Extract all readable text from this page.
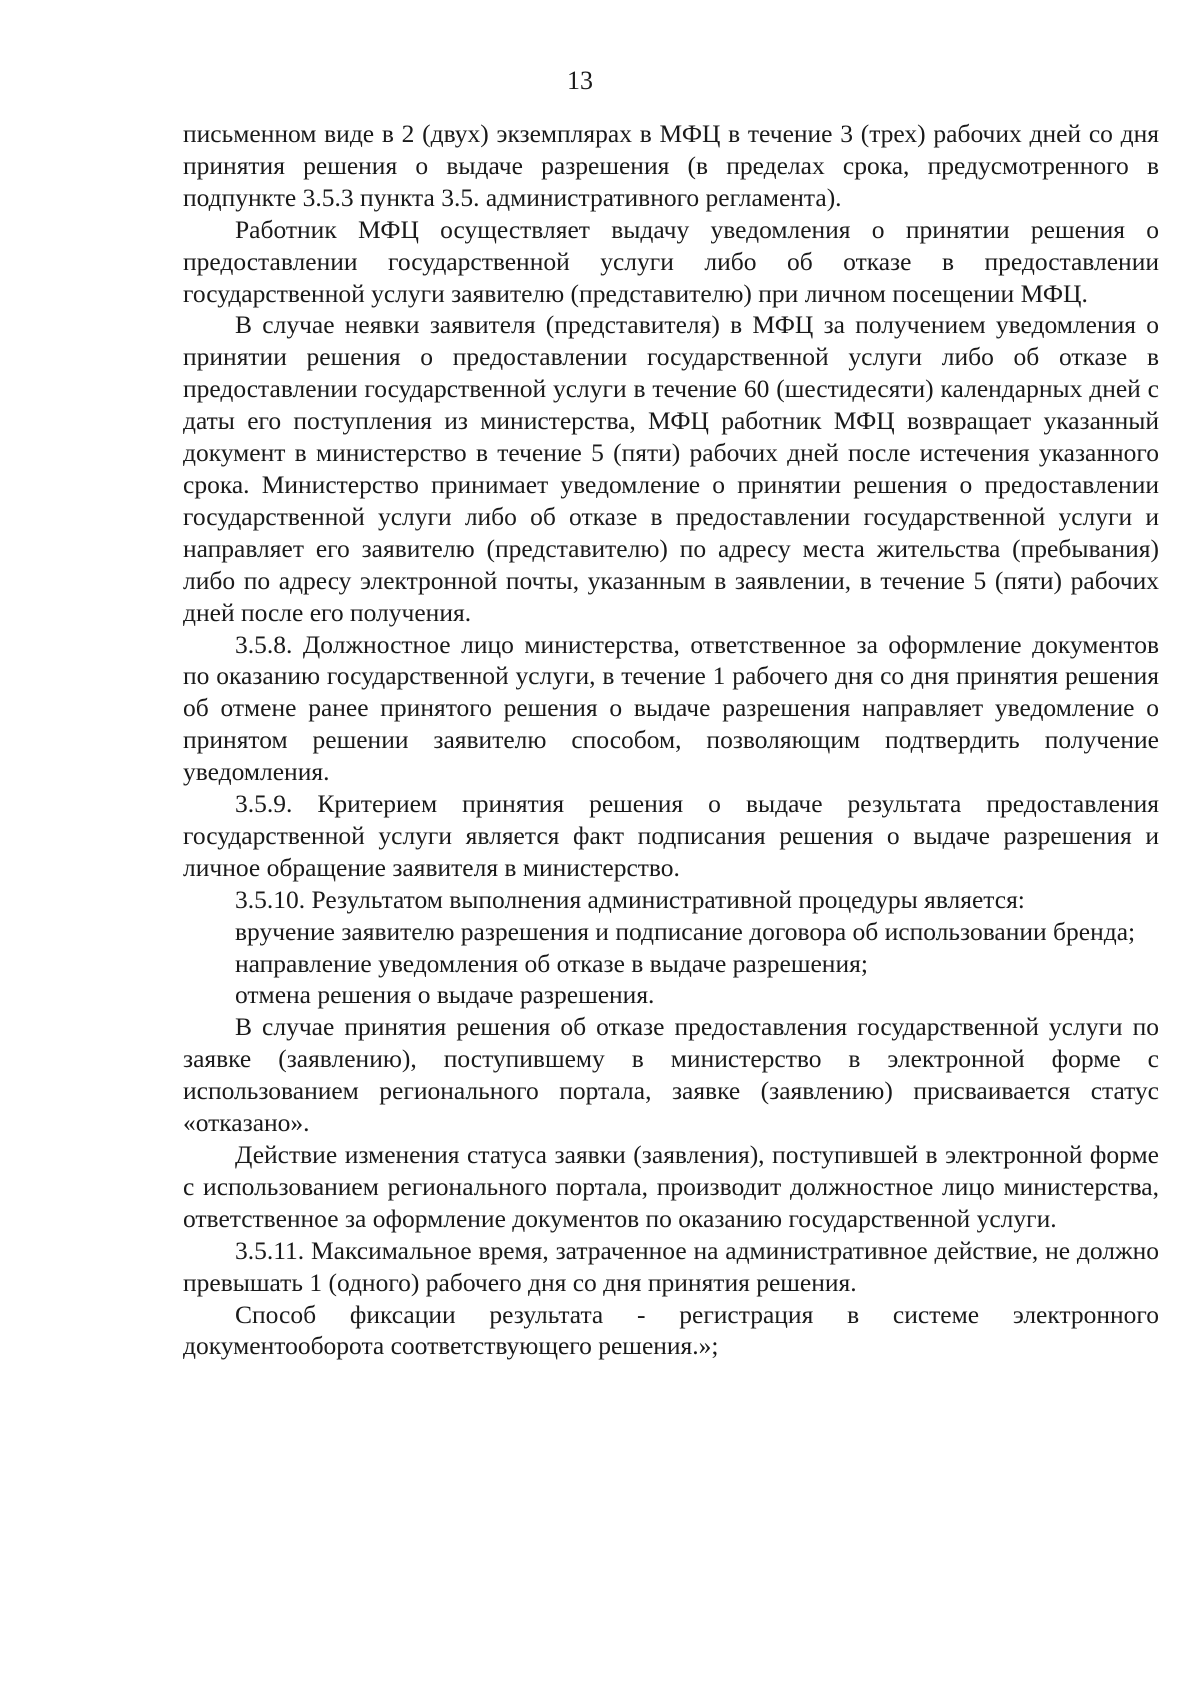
13

письменном виде в 2 (двух) экземплярах в МФЦ в течение 3 (трех) рабочих дней со дня принятия решения о выдаче разрешения (в пределах срока, предусмотренного в подпункте 3.5.3 пункта 3.5. административного регламента).

Работник МФЦ осуществляет выдачу уведомления о принятии решения о предоставлении государственной услуги либо об отказе в предоставлении государственной услуги заявителю (представителю) при личном посещении МФЦ.

В случае неявки заявителя (представителя) в МФЦ за получением уведомления о принятии решения о предоставлении государственной услуги либо об отказе в предоставлении государственной услуги в течение 60 (шестидесяти) календарных дней с даты его поступления из министерства, МФЦ работник МФЦ возвращает указанный документ в министерство в течение 5 (пяти) рабочих дней после истечения указанного срока. Министерство принимает уведомление о принятии решения о предоставлении государственной услуги либо об отказе в предоставлении государственной услуги и направляет его заявителю (представителю) по адресу места жительства (пребывания) либо по адресу электронной почты, указанным в заявлении, в течение 5 (пяти) рабочих дней после его получения.

3.5.8. Должностное лицо министерства, ответственное за оформление документов по оказанию государственной услуги, в течение 1 рабочего дня со дня принятия решения об отмене ранее принятого решения о выдаче разрешения направляет уведомление о принятом решении заявителю способом, позволяющим подтвердить получение уведомления.

3.5.9. Критерием принятия решения о выдаче результата предоставления государственной услуги является факт подписания решения о выдаче разрешения и личное обращение заявителя в министерство.

3.5.10. Результатом выполнения административной процедуры является:

вручение заявителю разрешения и подписание договора об использовании бренда;

направление уведомления об отказе в выдаче разрешения;

отмена решения о выдаче разрешения.

В случае принятия решения об отказе предоставления государственной услуги по заявке (заявлению), поступившему в министерство в электронной форме с использованием регионального портала, заявке (заявлению) присваивается статус «отказано».

Действие изменения статуса заявки (заявления), поступившей в электронной форме с использованием регионального портала, производит должностное лицо министерства, ответственное за оформление документов по оказанию государственной услуги.

3.5.11. Максимальное время, затраченное на административное действие, не должно превышать 1 (одного) рабочего дня со дня принятия решения.

Способ фиксации результата - регистрация в системе электронного документооборота соответствующего решения.»;
